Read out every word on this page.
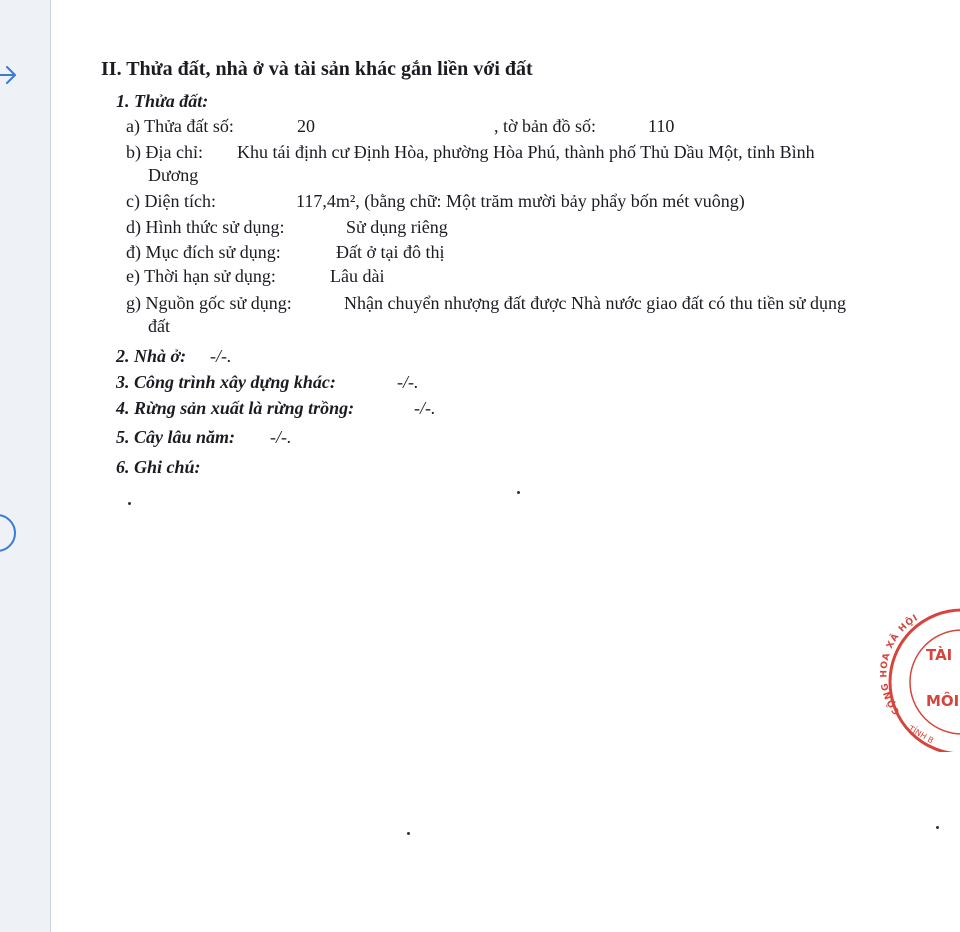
II. Thửa đất, nhà ở và tài sản khác gắn liền với đất
1. Thửa đất:
a) Thửa đất số:	20	, tờ bản đồ số:	110
b) Địa chỉ: Khu tái định cư Định Hòa, phường Hòa Phú, thành phố Thủ Dầu Một, tỉnh Bình
Dương
c) Diện tích:	117,4m², (bằng chữ: Một trăm mười bảy phẩy bốn mét vuông)
d) Hình thức sử dụng:	Sử dụng riêng
đ) Mục đích sử dụng:	Đất ở tại đô thị
e) Thời hạn sử dụng:	Lâu dài
g) Nguồn gốc sử dụng:	Nhận chuyển nhượng đất được Nhà nước giao đất có thu tiền sử dụng
đất
2. Nhà ở: -/-.
3. Công trình xây dựng khác:	-/-.
4. Rừng sản xuất là rừng trồng:	-/-.
5. Cây lâu năm: -/-.
6. Ghi chú:
CỘNG HÒA XÃ HỘI
TÀI
MÔI
TỈNH B
